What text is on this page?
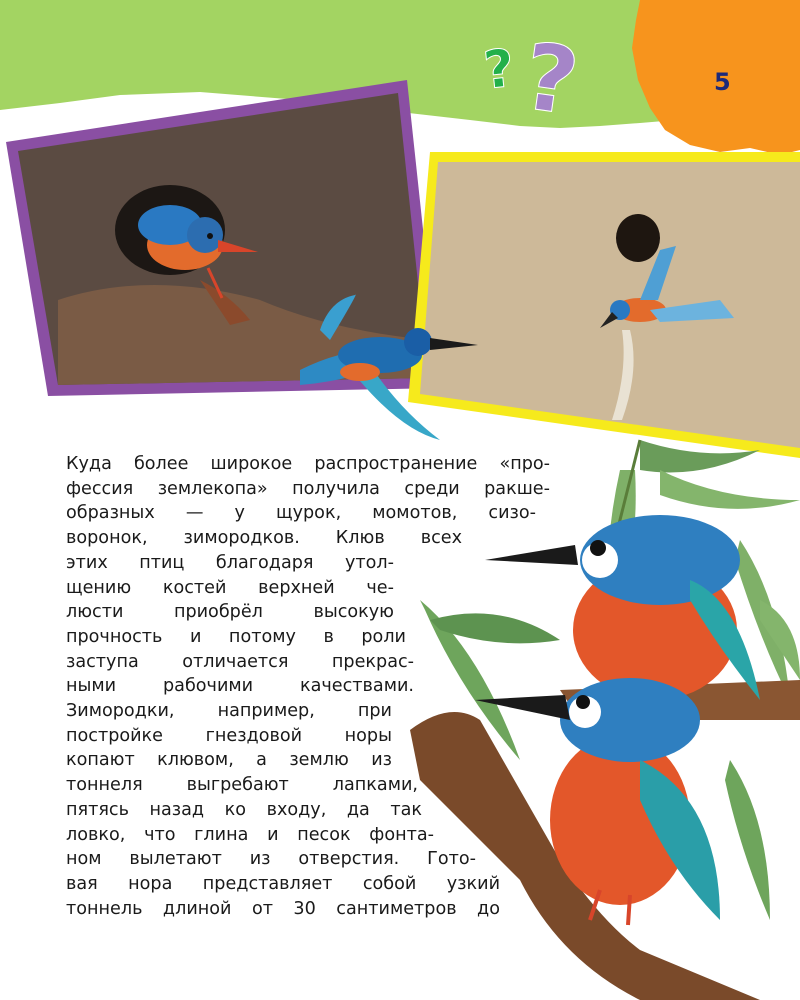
? ?	5
Куда более широкое распространение «про-
фессия землекопа» получила среди ракше-
образных — у щурок, момотов, сизо-
воронок, зимородков. Клюв всех
этих птиц благодаря утол-
щению костей верхней че-
люсти приобрёл высокую
прочность и потому в роли
заступа отличается прекрас-
ными рабочими качествами.
Зимородки, например, при
постройке гнездовой норы
копают клювом, а землю из
тоннеля выгребают лапками,
пятясь назад ко входу, да так
ловко, что глина и песок фонта-
ном вылетают из отверстия. Гото-
вая нора представляет собой узкий
тоннель длиной от 30 сантиметров до
